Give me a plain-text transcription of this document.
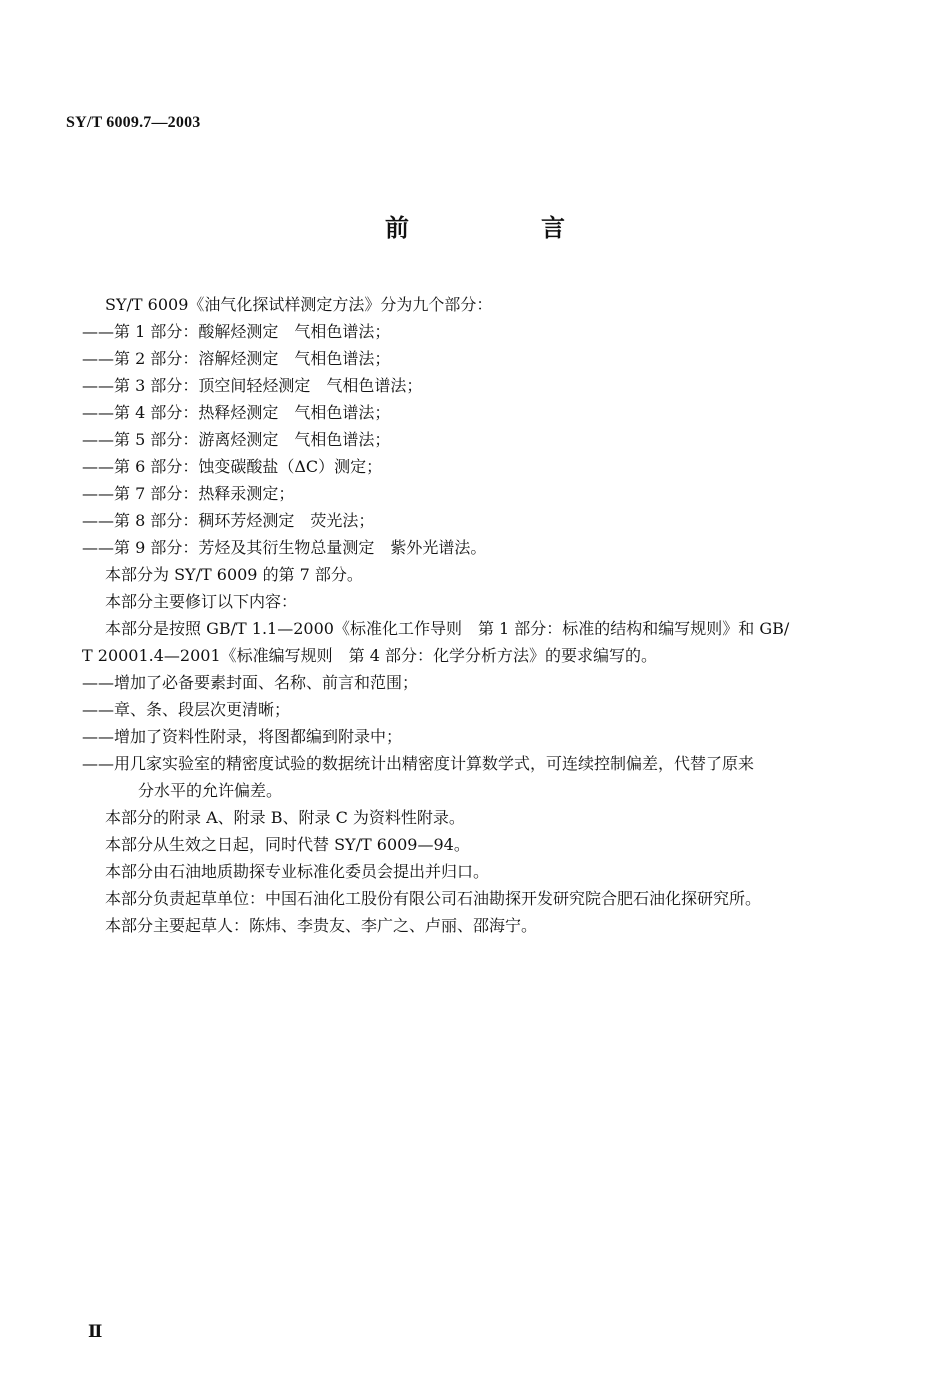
SY/T 6009.7—2003
前　言
SY/T 6009《油气化探试样测定方法》分为九个部分：
——第 1 部分：酸解烃测定　气相色谱法；
——第 2 部分：溶解烃测定　气相色谱法；
——第 3 部分：顶空间轻烃测定　气相色谱法；
——第 4 部分：热释烃测定　气相色谱法；
——第 5 部分：游离烃测定　气相色谱法；
——第 6 部分：蚀变碳酸盐（ΔC）测定；
——第 7 部分：热释汞测定；
——第 8 部分：稠环芳烃测定　荧光法；
——第 9 部分：芳烃及其衍生物总量测定　紫外光谱法。
本部分为 SY/T 6009 的第 7 部分。
本部分主要修订以下内容：
本部分是按照 GB/T 1.1—2000《标准化工作导则　第 1 部分：标准的结构和编写规则》和 GB/
T 20001.4—2001《标准编写规则　第 4 部分：化学分析方法》的要求编写的。
——增加了必备要素封面、名称、前言和范围；
——章、条、段层次更清晰；
——增加了资料性附录，将图都编到附录中；
——用几家实验室的精密度试验的数据统计出精密度计算数学式，可连续控制偏差，代替了原来
分水平的允许偏差。
本部分的附录 A、附录 B、附录 C 为资料性附录。
本部分从生效之日起，同时代替 SY/T 6009—94。
本部分由石油地质勘探专业标准化委员会提出并归口。
本部分负责起草单位：中国石油化工股份有限公司石油勘探开发研究院合肥石油化探研究所。
本部分主要起草人：陈炜、李贵友、李广之、卢丽、邵海宁。
Ⅱ
